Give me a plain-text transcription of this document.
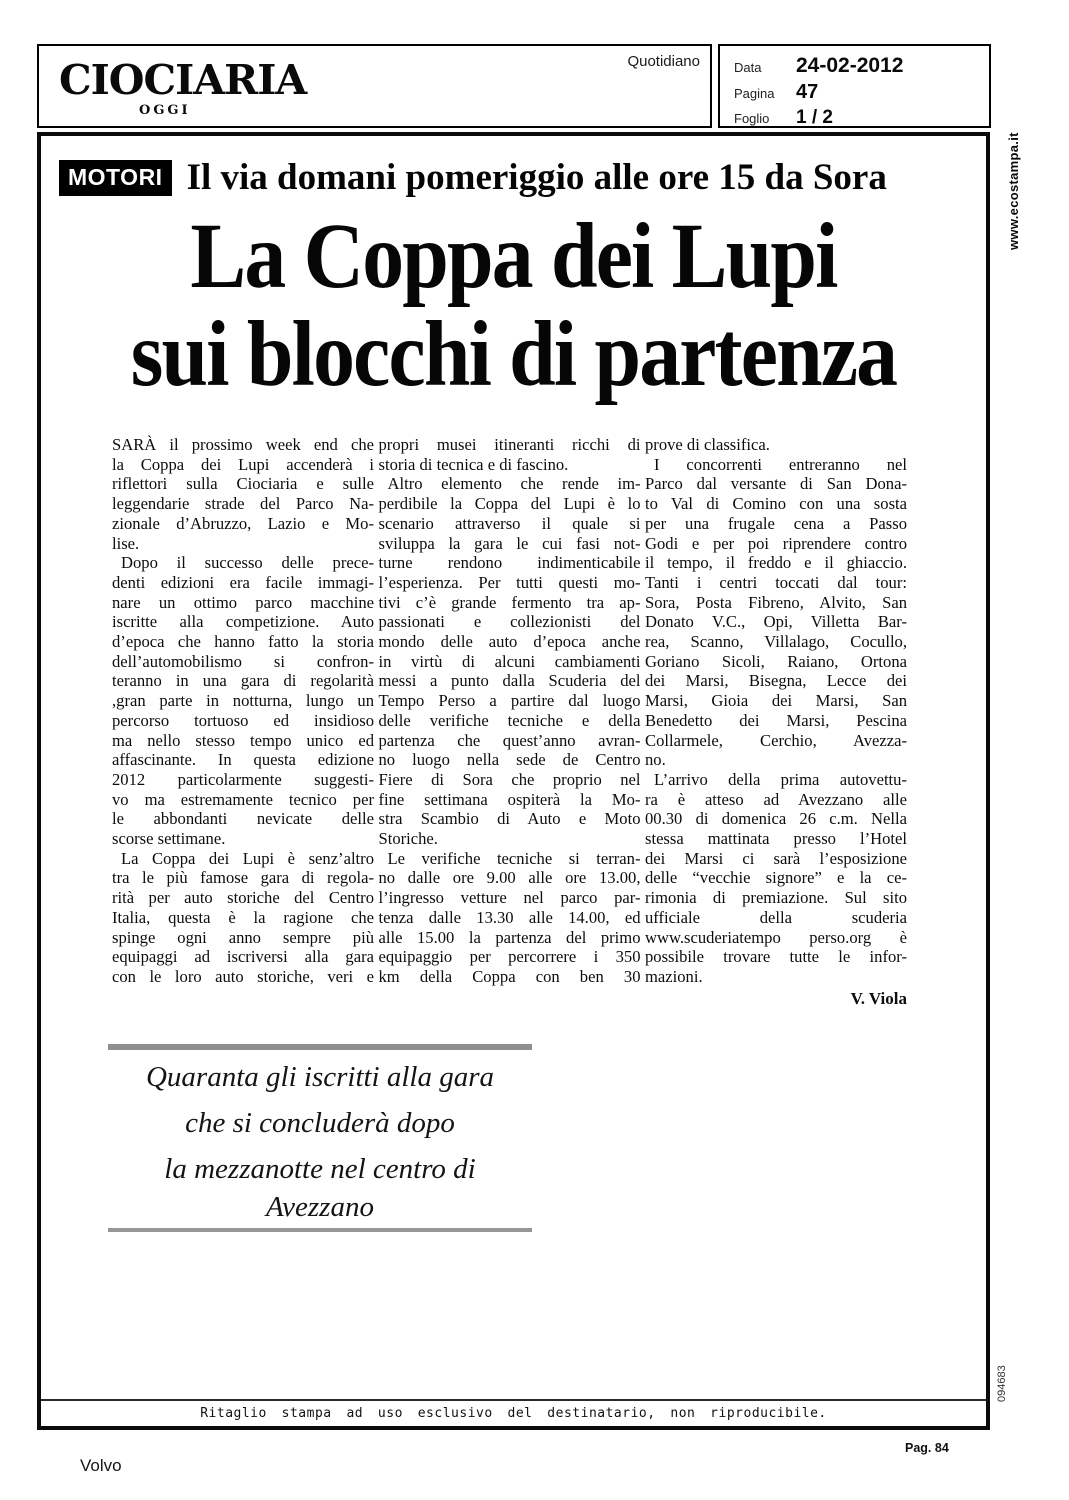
CIOCIARIA
OGGI
Quotidiano	Data	24-02-2012
Pagina	47
Foglio	1 / 2
MOTORI Il via domani pomeriggio alle ore 15 da Sora
La Coppa dei Lupi
sui blocchi di partenza
SARÀ il prossimo week end che
la Coppa dei Lupi accenderà i
riflettori sulla Ciociaria e sulle
leggendarie strade del Parco Na-
zionale d’Abruzzo, Lazio e Mo-
lise.
Dopo il successo delle prece-
denti edizioni era facile immagi-
nare un ottimo parco macchine
iscritte alla competizione. Auto
d’epoca che hanno fatto la storia
dell’automobilismo si confron-
teranno in una gara di regolarità
,gran parte in notturna, lungo un
percorso tortuoso ed insidioso
ma nello stesso tempo unico ed
affascinante. In questa edizione
2012 particolarmente suggesti-
vo ma estremamente tecnico per
le abbondanti nevicate delle
scorse settimane.
La Coppa dei Lupi è senz’altro
tra le più famose gara di regola-
rità per auto storiche del Centro
Italia, questa è la ragione che
spinge ogni anno sempre più
equipaggi ad iscriversi alla gara
con le loro auto storiche, veri e
propri musei itineranti ricchi di
storia di tecnica e di fascino.
Altro elemento che rende im-
perdibile la Coppa del Lupi è lo
scenario attraverso il quale si
sviluppa la gara le cui fasi not-
turne rendono indimenticabile
l’esperienza. Per tutti questi mo-
tivi c’è grande fermento tra ap-
passionati e collezionisti del
mondo delle auto d’epoca anche
in virtù di alcuni cambiamenti
messi a punto dalla Scuderia del
Tempo Perso a partire dal luogo
delle verifiche tecniche e della
partenza che quest’anno avran-
no luogo nella sede de Centro
Fiere di Sora che proprio nel
fine settimana ospiterà la Mo-
stra Scambio di Auto e Moto
Storiche.
Le verifiche tecniche si terran-
no dalle ore 9.00 alle ore 13.00,
l’ingresso vetture nel parco par-
tenza dalle 13.30 alle 14.00, ed
alle 15.00 la partenza del primo
equipaggio per percorrere i 350
km della Coppa con ben 30
prove di classifica.
I concorrenti entreranno nel
Parco dal versante di San Dona-
to Val di Comino con una sosta
per una frugale cena a Passo
Godi e per poi riprendere contro
il tempo, il freddo e il ghiaccio.
Tanti i centri toccati dal tour:
Sora, Posta Fibreno, Alvito, San
Donato V.C., Opi, Villetta Bar-
rea, Scanno, Villalago, Cocullo,
Goriano Sicoli, Raiano, Ortona
dei Marsi, Bisegna, Lecce dei
Marsi, Gioia dei Marsi, San
Benedetto dei Marsi, Pescina
Collarmele, Cerchio, Avezza-
no.
L’arrivo della prima autovettu-
ra è atteso ad Avezzano alle
00.30 di domenica 26 c.m. Nella
stessa mattinata presso l’Hotel
dei Marsi ci sarà l’esposizione
delle “vecchie signore” e la ce-
rimonia di premiazione. Sul sito
ufficiale della scuderia
www.scuderiatempo perso.org è
possibile trovare tutte le infor-
mazioni.
V. Viola
Quaranta gli iscritti alla gara
che si concluderà dopo
la mezzanotte nel centro di Avezzano
Ritaglio stampa ad uso esclusivo del destinatario, non riproducibile.
Volvo
Pag. 84
www.ecostampa.it
094683
